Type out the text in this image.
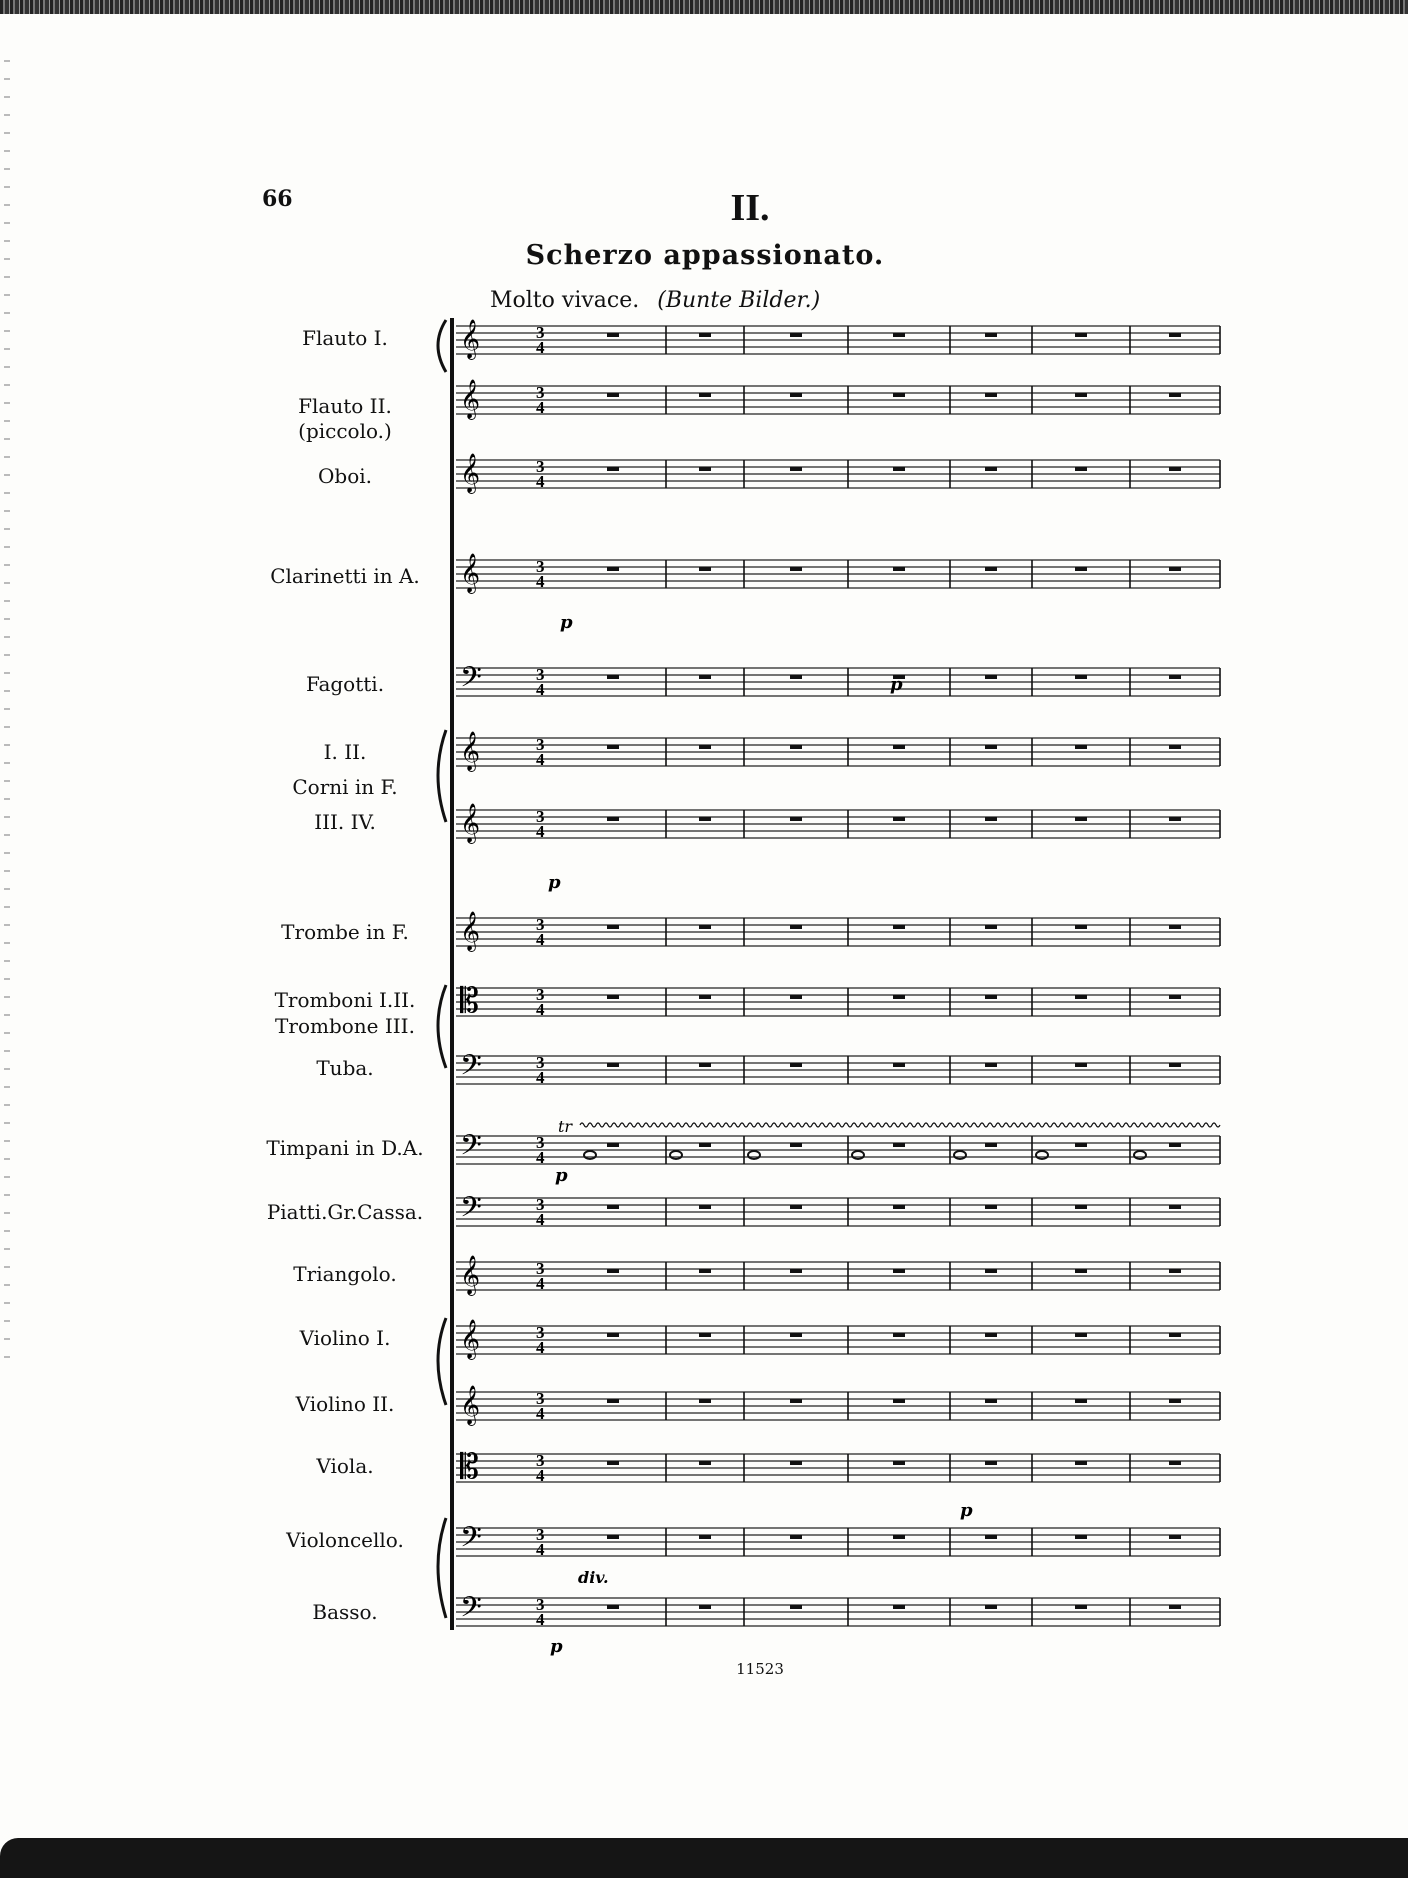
66	II.
Scherzo appassionato.
Molto vivace. (Bunte Bilder.)
Flauto I.
Flauto II.
(piccolo.)
Oboi.
Clarinetti in A.
Fagotti.
I. II.
Corni in F.
III. IV.
Trombe in F.
Tromboni I.II.
Trombone III.
Tuba.
Timpani in D.A.
Piatti.Gr.Cassa.
Triangolo.
Violino I.
Violino II.
Viola.
Violoncello.
Basso.
11523
tr
div.
𝄞	3
4
𝄞	3
4
𝄞	3
4
𝄞	3
4
𝄢	3
4
𝄞	3
4
𝄞	3
4
𝄞	3
4
𝄡	3
4
𝄢	3
4
𝄢	3
4
𝄢	3
4
𝄞	3
4
𝄞	3
4
𝄞	3
4
𝄡	3
4
𝄢	3
4
𝄢	3
4
p
p
p
p
p
p
